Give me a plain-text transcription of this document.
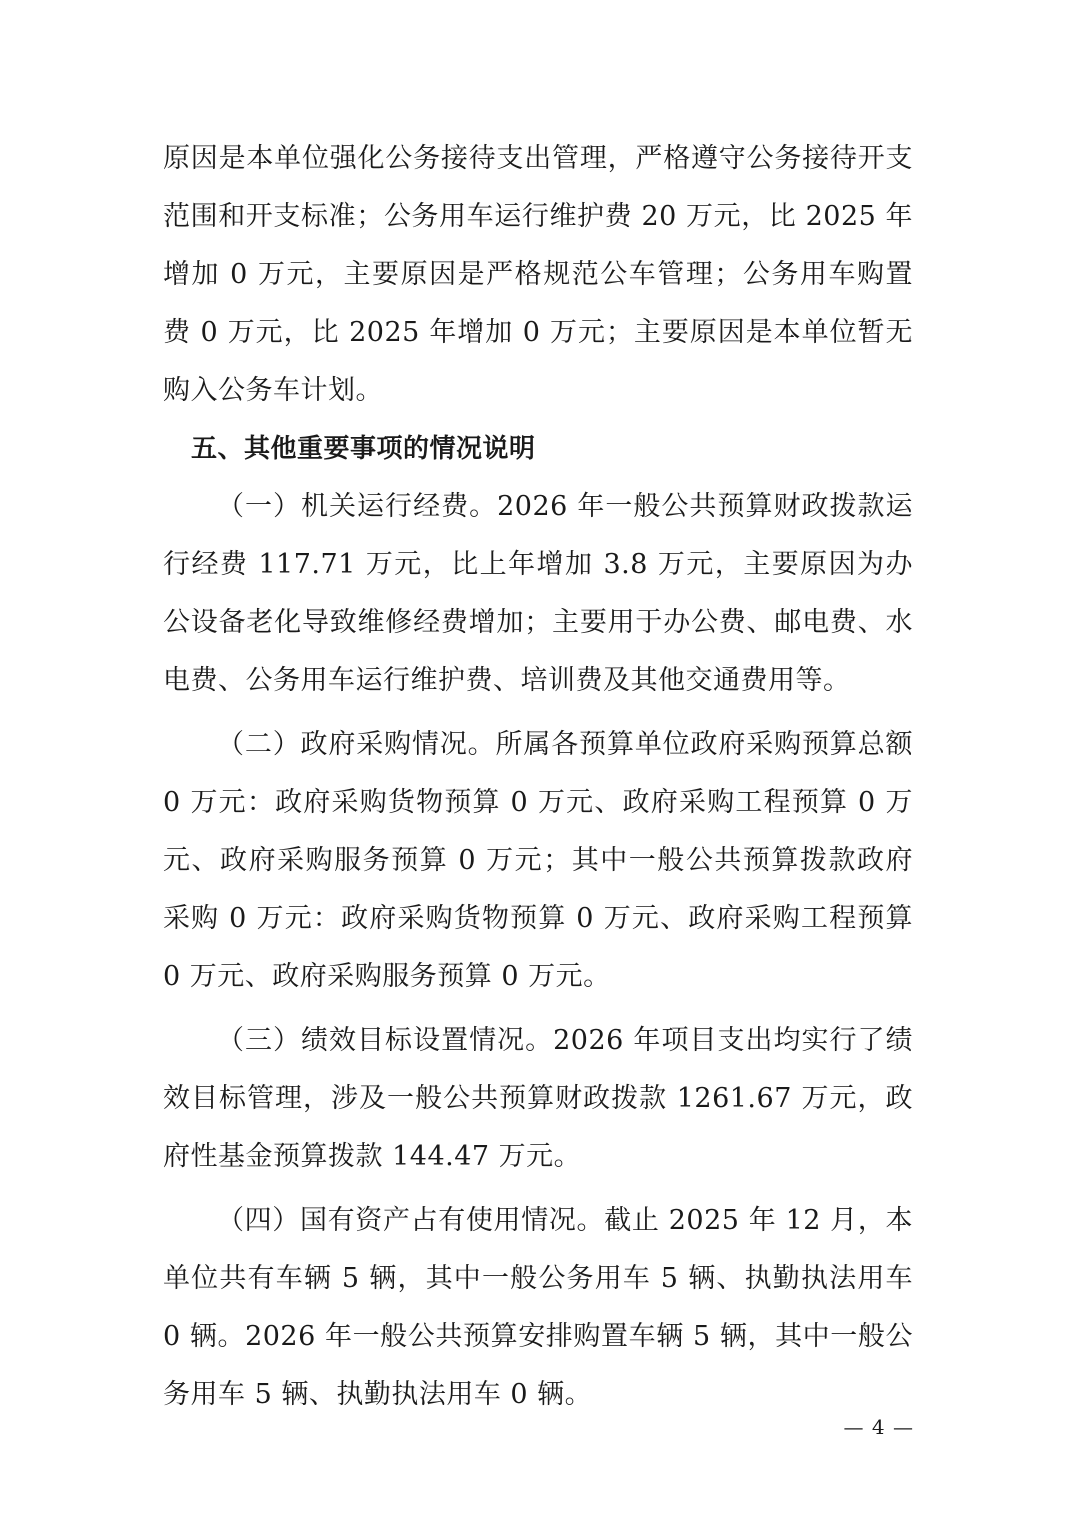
原因是本单位强化公务接待支出管理，严格遵守公务接待开支范围和开支标准；公务用车运行维护费 20 万元，比 2025 年增加 0 万元，主要原因是严格规范公车管理；公务用车购置费 0 万元，比 2025 年增加 0 万元；主要原因是本单位暂无购入公务车计划。

五、其他重要事项的情况说明

（一）机关运行经费。2026 年一般公共预算财政拨款运行经费 117.71 万元，比上年增加 3.8 万元，主要原因为办公设备老化导致维修经费增加；主要用于办公费、邮电费、水电费、公务用车运行维护费、培训费及其他交通费用等。

（二）政府采购情况。所属各预算单位政府采购预算总额 0 万元：政府采购货物预算 0 万元、政府采购工程预算 0 万元、政府采购服务预算 0 万元；其中一般公共预算拨款政府采购 0 万元：政府采购货物预算 0 万元、政府采购工程预算 0 万元、政府采购服务预算 0 万元。

（三）绩效目标设置情况。2026 年项目支出均实行了绩效目标管理，涉及一般公共预算财政拨款 1261.67 万元，政府性基金预算拨款 144.47 万元。

（四）国有资产占有使用情况。截止 2025 年 12 月，本单位共有车辆 5 辆，其中一般公务用车 5 辆、执勤执法用车 0 辆。2026 年一般公共预算安排购置车辆 5 辆，其中一般公务用车 5 辆、执勤执法用车 0 辆。

— 4 —
